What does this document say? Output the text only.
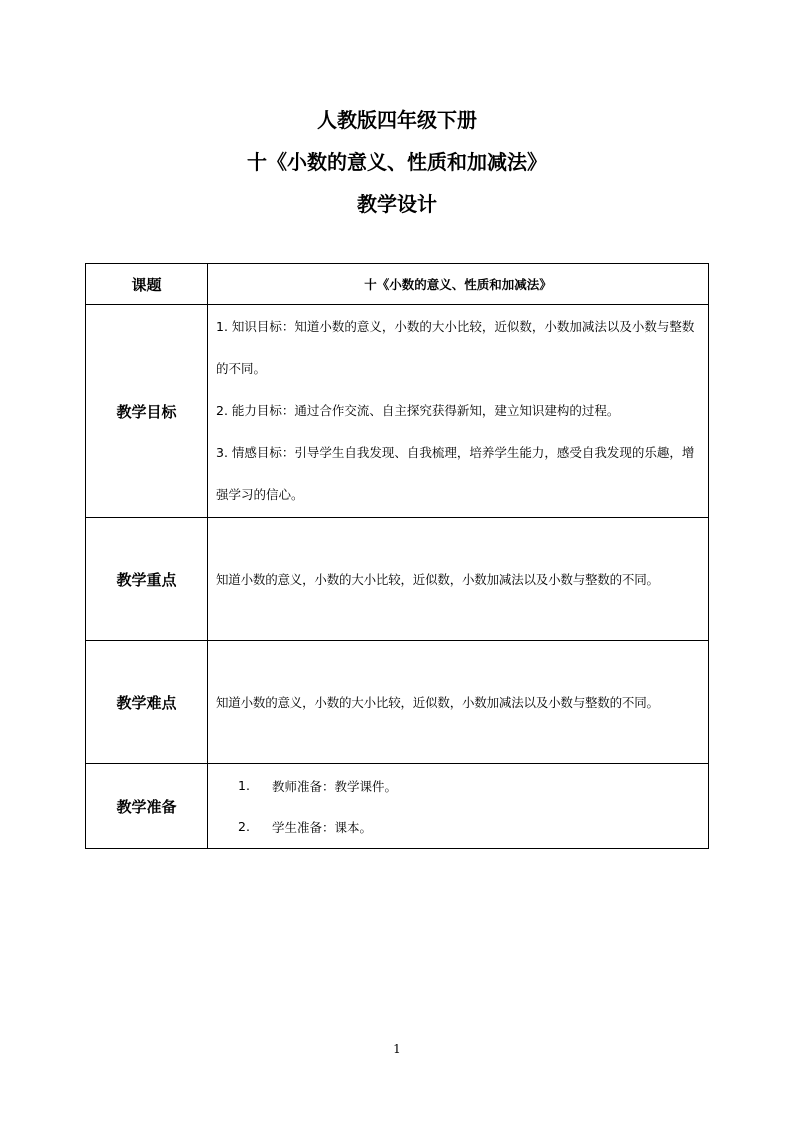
人教版四年级下册
十《小数的意义、性质和加减法》
教学设计
课题	十《小数的意义、性质和加减法》
教学目标	1. 知识目标：知道小数的意义，小数的大小比较，近似数，小数加减法以及小数与整数的不同。
2. 能力目标：通过合作交流、自主探究获得新知，建立知识建构的过程。
3. 情感目标：引导学生自我发现、自我梳理，培养学生能力，感受自我发现的乐趣，增强学习的信心。

教学重点	知道小数的意义，小数的大小比较，近似数，小数加减法以及小数与整数的不同。

教学难点	知道小数的意义，小数的大小比较，近似数，小数加减法以及小数与整数的不同。

教学准备	1. 教师准备：教学课件。
2. 学生准备：课本。
1
